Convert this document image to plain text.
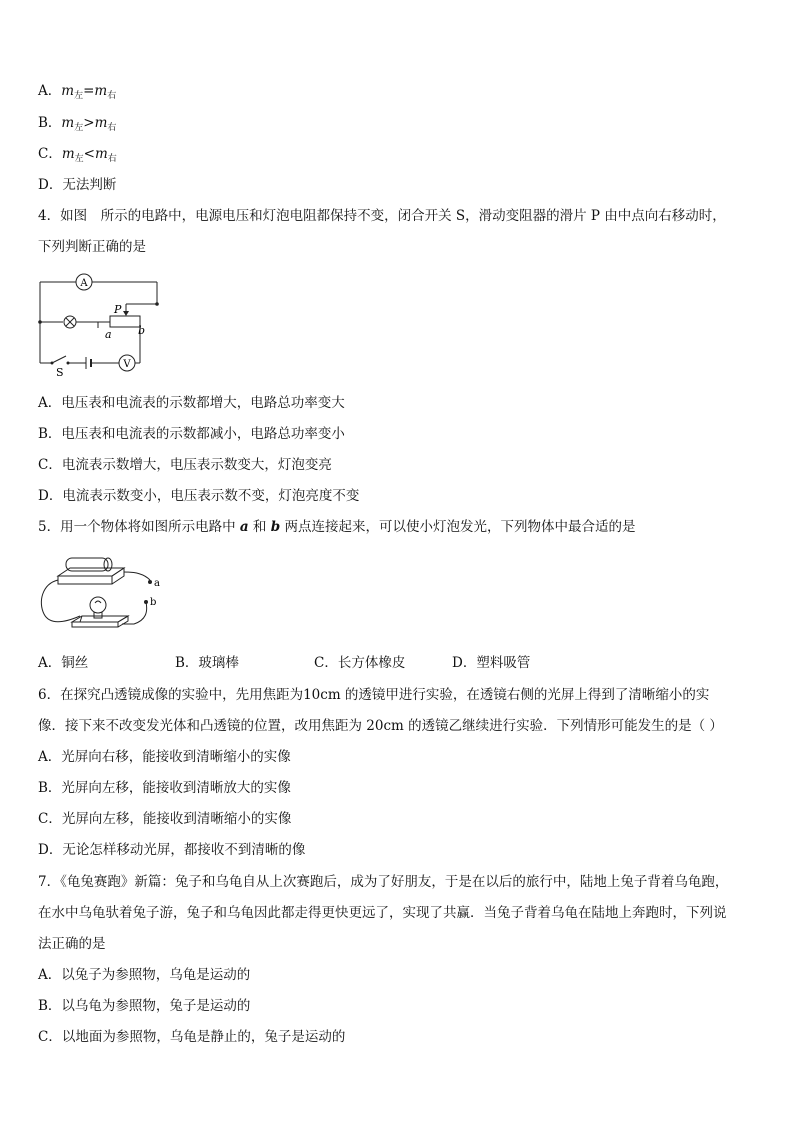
A．$m_左=m_右$
B．$m_左>m_右$
C．$m_左<m_右$
D．无法判断
4．如图　所示的电路中，电源电压和灯泡电阻都保持不变，闭合开关 S，滑动变阻器的滑片 P 由中点向右移动时，
下列判断正确的是
A
V
P
a b
S
A．电压表和电流表的示数都增大，电路总功率变大
B．电压表和电流表的示数都减小，电路总功率变小
C．电流表示数增大，电压表示数变大，灯泡变亮
D．电流表示数变小，电压表示数不变，灯泡亮度不变
5．用一个物体将如图所示电路中 a 和 b 两点连接起来，可以使小灯泡发光，下列物体中最合适的是
a
b
A．铜丝	B．玻璃棒	C．长方体橡皮	D．塑料吸管
6．在探究凸透镜成像的实验中，先用焦距为10cm 的透镜甲进行实验，在透镜右侧的光屏上得到了清晰缩小的实
像．接下来不改变发光体和凸透镜的位置，改用焦距为 20cm 的透镜乙继续进行实验．下列情形可能发生的是（ ）
A．光屏向右移，能接收到清晰缩小的实像
B．光屏向左移，能接收到清晰放大的实像
C．光屏向左移，能接收到清晰缩小的实像
D．无论怎样移动光屏，都接收不到清晰的像
7．《龟兔赛跑》新篇：兔子和乌龟自从上次赛跑后，成为了好朋友，于是在以后的旅行中，陆地上兔子背着乌龟跑，
在水中乌龟驮着兔子游，兔子和乌龟因此都走得更快更远了，实现了共赢．当兔子背着乌龟在陆地上奔跑时，下列说
法正确的是
A．以兔子为参照物，乌龟是运动的
B．以乌龟为参照物，兔子是运动的
C．以地面为参照物，乌龟是静止的，兔子是运动的
